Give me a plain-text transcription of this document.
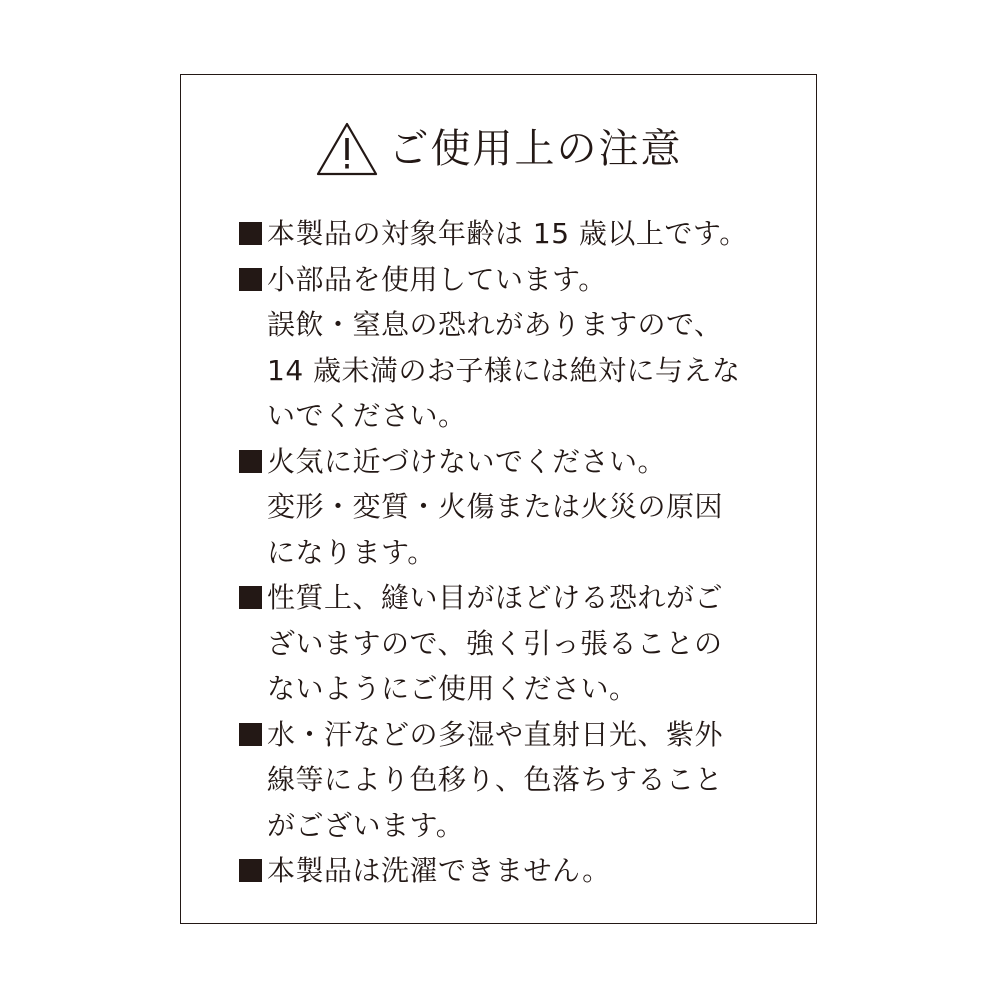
ご使用上の注意
本製品の対象年齢は 15 歳以上です。
小部品を使用しています。
誤飲・窒息の恐れがありますので、
14 歳未満のお子様には絶対に与えな
いでください。
火気に近づけないでください。
変形・変質・火傷または火災の原因
になります。
性質上、縫い目がほどける恐れがご
ざいますので、強く引っ張ることの
ないようにご使用ください。
水・汗などの多湿や直射日光、紫外
線等により色移り、色落ちすること
がございます。
本製品は洗濯できません。
